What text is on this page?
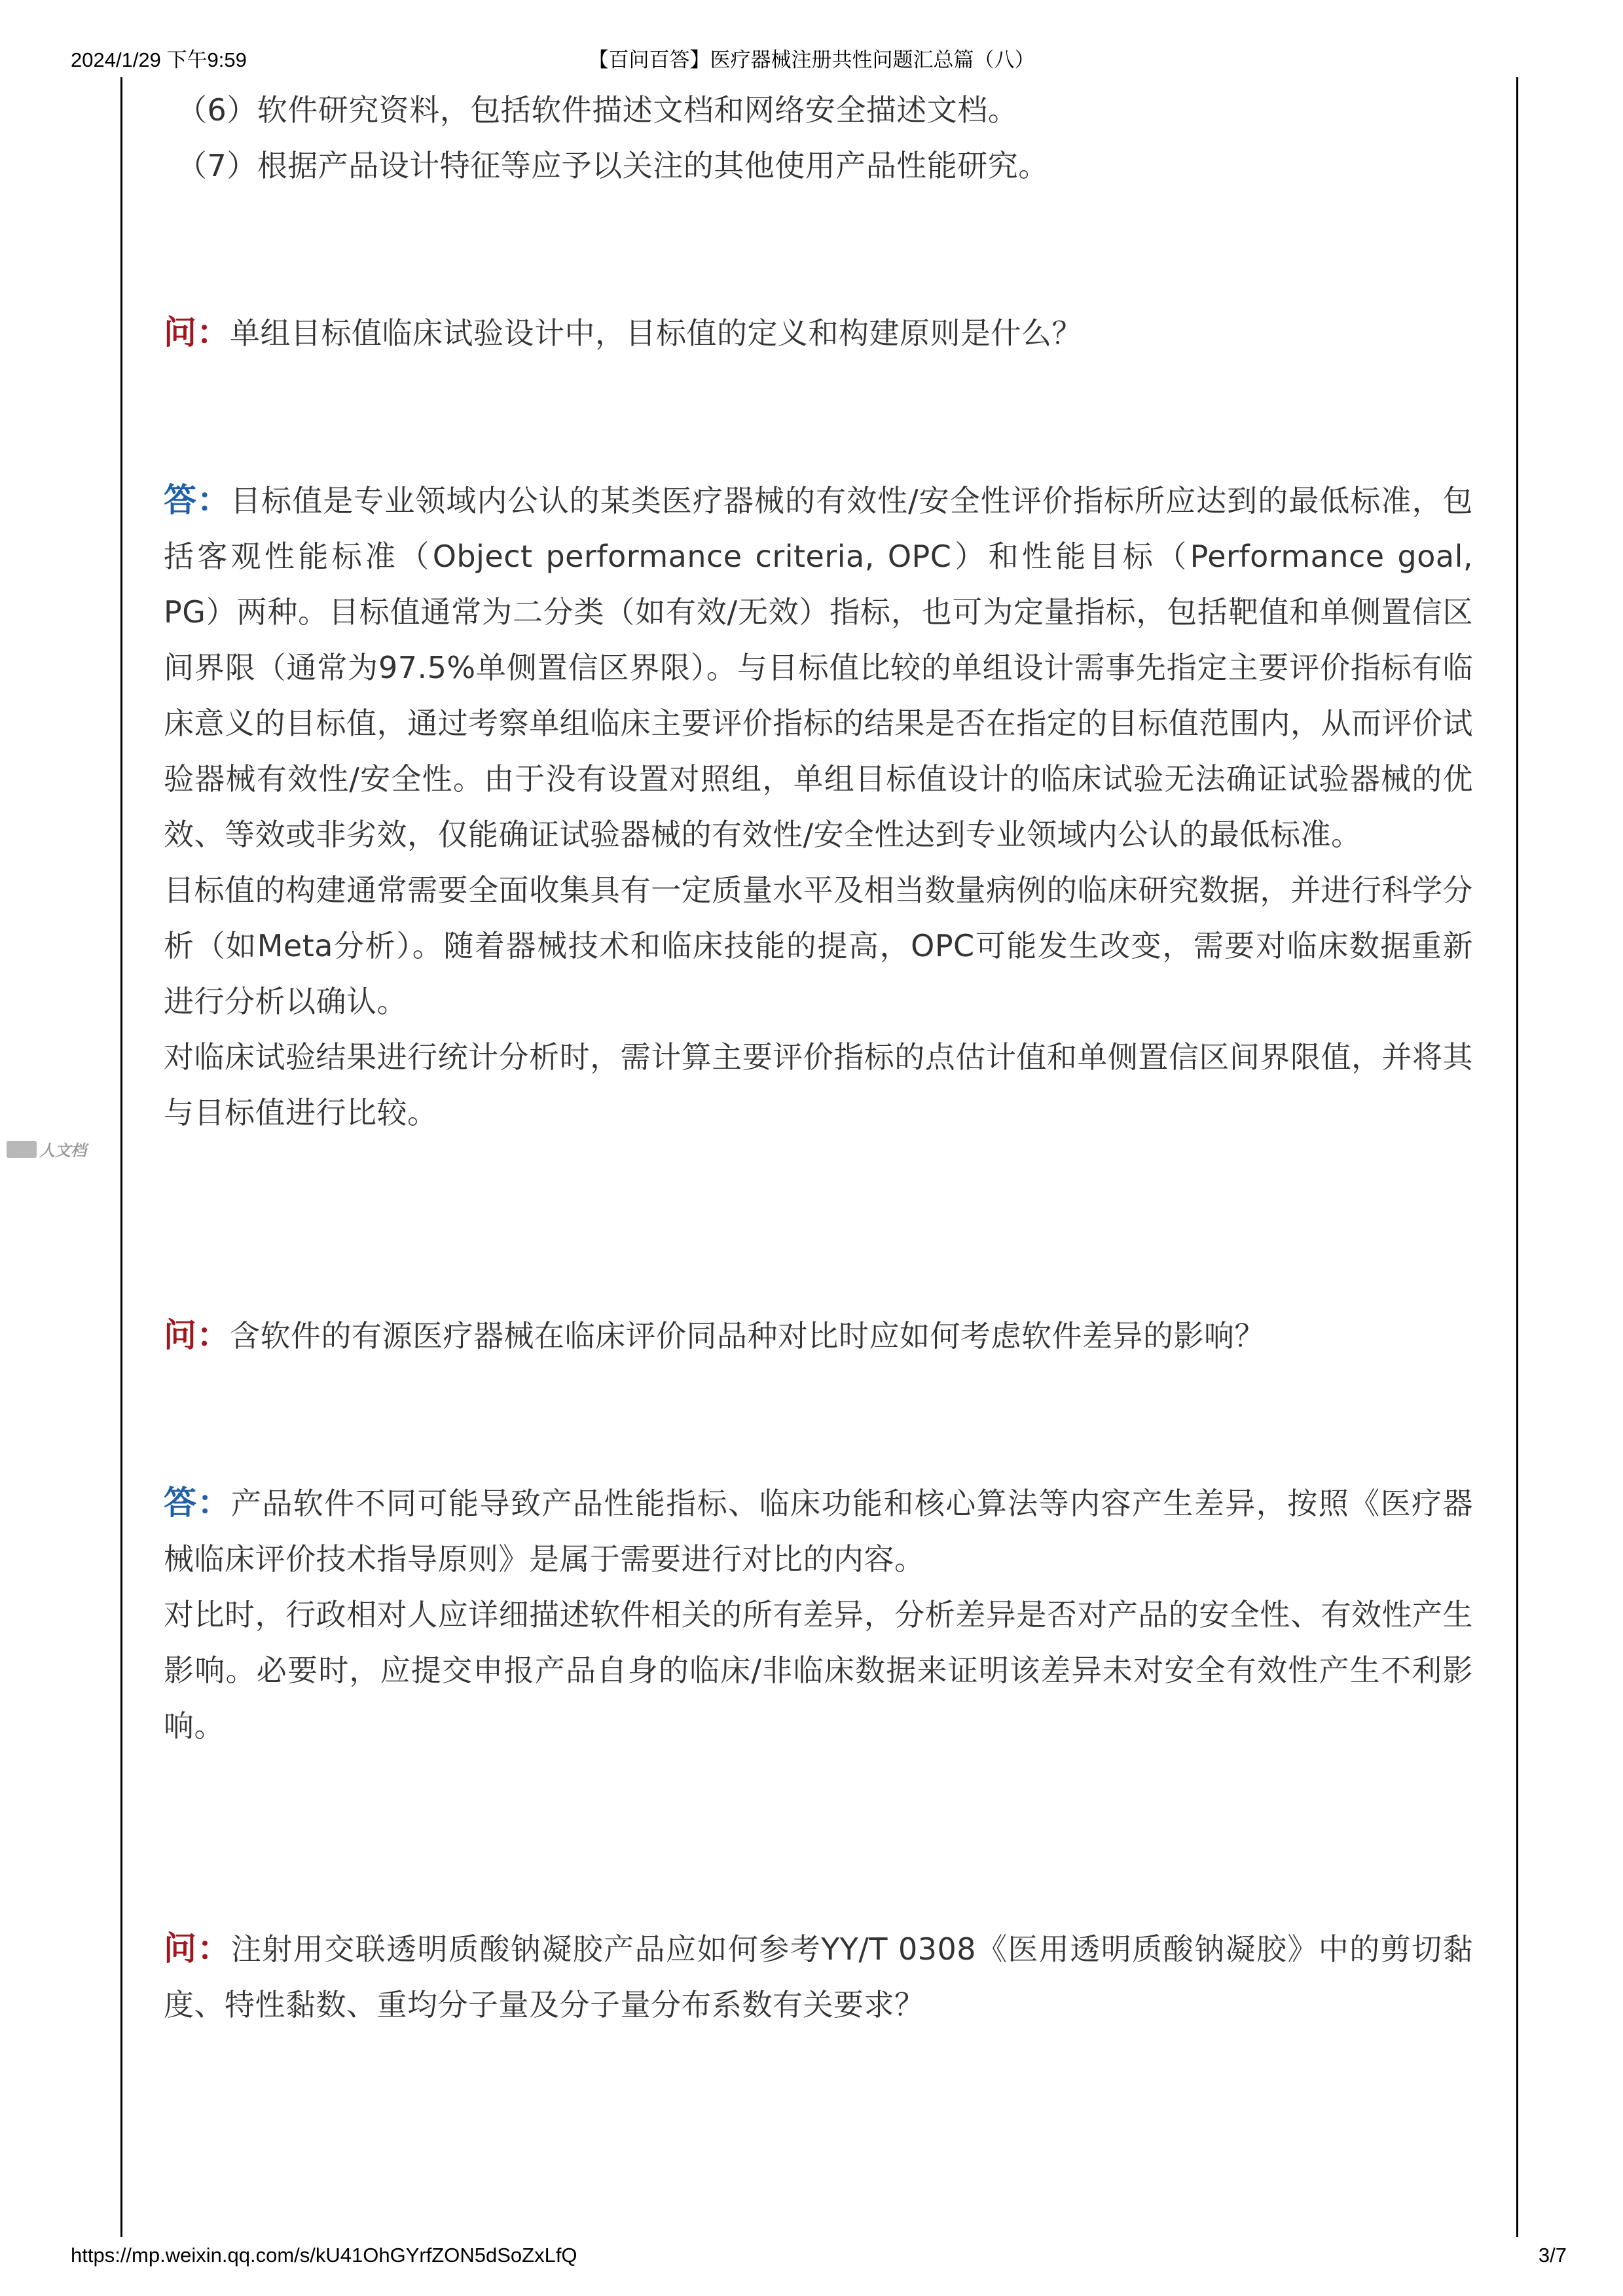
2024/1/29 下午9:59	【百问百答】医疗器械注册共性问题汇总篇（八）
人文档

（6）软件研究资料，包括软件描述文档和网络安全描述文档。

（7）根据产品设计特征等应予以关注的其他使用产品性能研究。

问：单组目标值临床试验设计中，目标值的定义和构建原则是什么？

答：目标值是专业领域内公认的某类医疗器械的有效性/安全性评价指标所应达到的最低标准，包括客观性能标准（Object performance criteria, OPC）和性能目标（Performance goal, PG）两种。目标值通常为二分类（如有效/无效）指标，也可为定量指标，包括靶值和单侧置信区间界限（通常为97.5%单侧置信区界限）。与目标值比较的单组设计需事先指定主要评价指标有临床意义的目标值，通过考察单组临床主要评价指标的结果是否在指定的目标值范围内，从而评价试验器械有效性/安全性。由于没有设置对照组，单组目标值设计的临床试验无法确证试验器械的优效、等效或非劣效，仅能确证试验器械的有效性/安全性达到专业领域内公认的最低标准。

目标值的构建通常需要全面收集具有一定质量水平及相当数量病例的临床研究数据，并进行科学分析（如Meta分析）。随着器械技术和临床技能的提高，OPC可能发生改变，需要对临床数据重新进行分析以确认。

对临床试验结果进行统计分析时，需计算主要评价指标的点估计值和单侧置信区间界限值，并将其与目标值进行比较。

问：含软件的有源医疗器械在临床评价同品种对比时应如何考虑软件差异的影响？

答：产品软件不同可能导致产品性能指标、临床功能和核心算法等内容产生差异，按照《医疗器械临床评价技术指导原则》是属于需要进行对比的内容。

对比时，行政相对人应详细描述软件相关的所有差异，分析差异是否对产品的安全性、有效性产生影响。必要时，应提交申报产品自身的临床/非临床数据来证明该差异未对安全有效性产生不利影响。

问：注射用交联透明质酸钠凝胶产品应如何参考YY/T 0308《医用透明质酸钠凝胶》中的剪切黏度、特性黏数、重均分子量及分子量分布系数有关要求？

https://mp.weixin.qq.com/s/kU41OhGYrfZON5dSoZxLfQ	3/7
